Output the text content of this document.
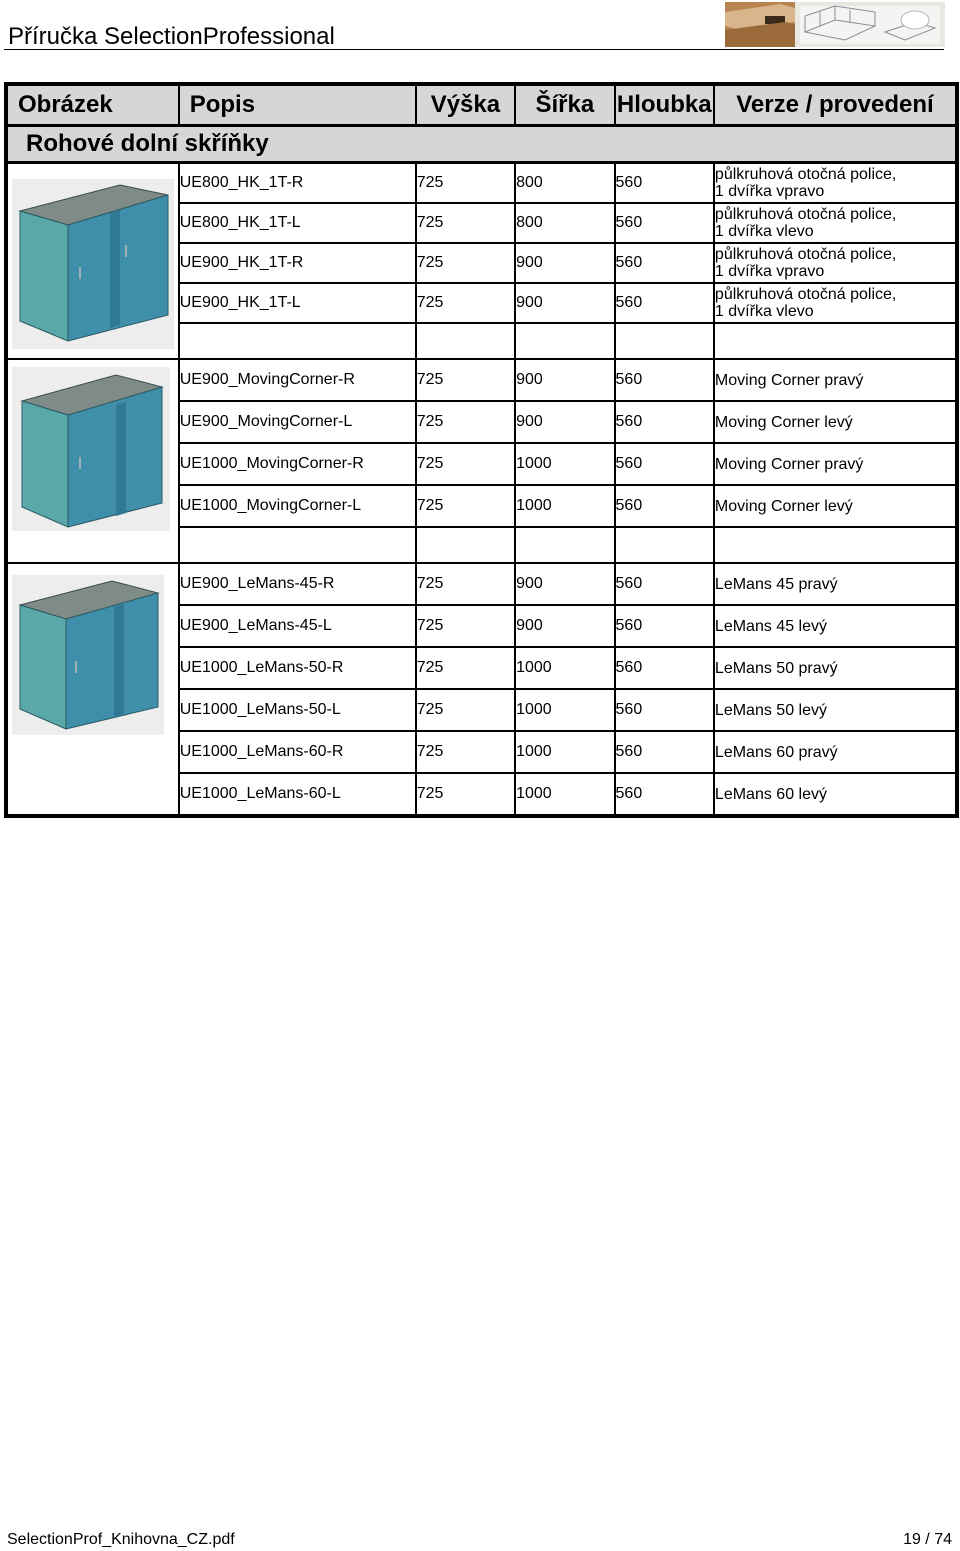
Příručka SelectionProfessional
Obrázek	Popis	Výška	Šířka	Hloubka	Verze / provedení
Rohové dolní skříňky					

	UE800_HK_1T-R	725	800	560	půlkruhová otočná police,
1 dvířka vpravo
	UE800_HK_1T-L	725	800	560	půlkruhová otočná police,
1 dvířka vlevo
	UE900_HK_1T-R	725	900	560	půlkruhová otočná police,
1 dvířka vpravo
	UE900_HK_1T-L	725	900	560	půlkruhová otočná police,
1 dvířka vlevo

	UE900_MovingCorner-R	725	900	560	Moving Corner pravý
	UE900_MovingCorner-L	725	900	560	Moving Corner levý
	UE1000_MovingCorner-R	725	1000	560	Moving Corner pravý
	UE1000_MovingCorner-L	725	1000	560	Moving Corner levý

	UE900_LeMans-45-R	725	900	560	LeMans 45 pravý
	UE900_LeMans-45-L	725	900	560	LeMans 45 levý
	UE1000_LeMans-50-R	725	1000	560	LeMans 50 pravý
	UE1000_LeMans-50-L	725	1000	560	LeMans 50 levý
	UE1000_LeMans-60-R	725	1000	560	LeMans 60 pravý
	UE1000_LeMans-60-L	725	1000	560	LeMans 60 levý
SelectionProf_Knihovna_CZ.pdf	19 / 74
